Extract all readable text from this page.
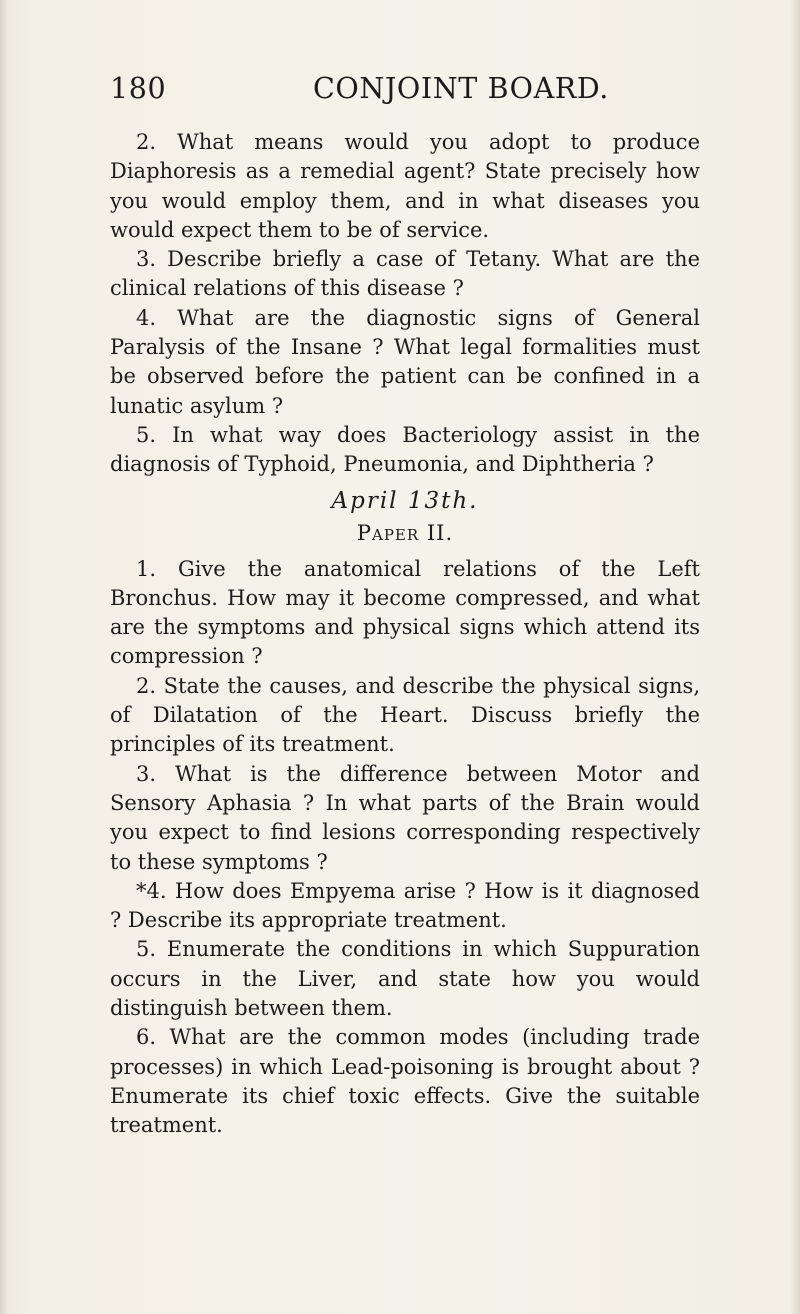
180	CONJOINT BOARD.

2. What means would you adopt to produce Diaphoresis as a remedial agent? State precisely how you would employ them, and in what diseases you would expect them to be of service.

3. Describe briefly a case of Tetany. What are the clinical relations of this disease ?

4. What are the diagnostic signs of General Paralysis of the Insane ? What legal formalities must be observed before the patient can be confined in a lunatic asylum ?

5. In what way does Bacteriology assist in the diagnosis of Typhoid, Pneumonia, and Diphtheria ?

April 13th.
Paper II.

1. Give the anatomical relations of the Left Bronchus. How may it become compressed, and what are the symptoms and physical signs which attend its compression ?

2. State the causes, and describe the physical signs, of Dilatation of the Heart. Discuss briefly the principles of its treatment.

3. What is the difference between Motor and Sensory Aphasia ? In what parts of the Brain would you expect to find lesions corresponding respectively to these symptoms ?

*4. How does Empyema arise ? How is it diagnosed ? Describe its appropriate treatment.

5. Enumerate the conditions in which Suppuration occurs in the Liver, and state how you would distinguish between them.

6. What are the common modes (including trade processes) in which Lead-poisoning is brought about ? Enumerate its chief toxic effects. Give the suitable treatment.
